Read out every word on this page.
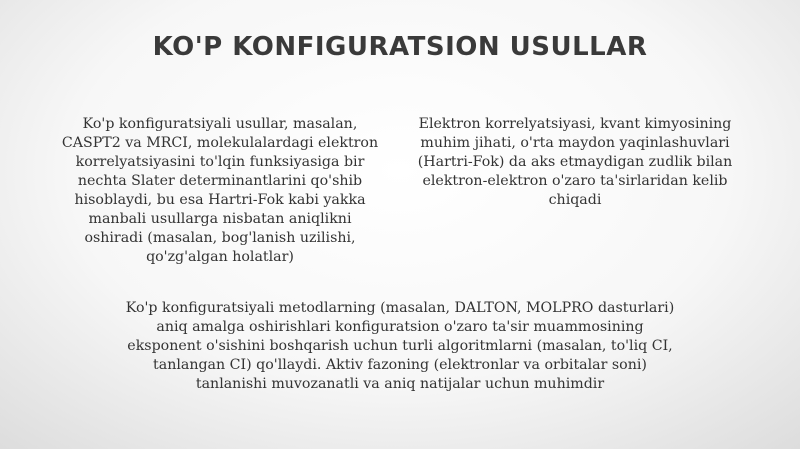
KO'P KONFIGURATSION USULLAR
Ko'p konfiguratsiyali usullar, masalan, CASPT2 va MRCI, molekulalardagi elektron korrelyatsiyasini to'lqin funksiyasiga bir nechta Slater determinantlarini qo'shib hisoblaydi, bu esa Hartri-Fok kabi yakka manbali usullarga nisbatan aniqlikni oshiradi (masalan, bog'lanish uzilishi, qo'zg'algan holatlar)
Elektron korrelyatsiyasi, kvant kimyosining muhim jihati, o'rta maydon yaqinlashuvlari (Hartri-Fok) da aks etmaydigan zudlik bilan elektron-elektron o'zaro ta'sirlaridan kelib chiqadi
Ko'p konfiguratsiyali metodlarning (masalan, DALTON, MOLPRO dasturlari) aniq amalga oshirishlari konfiguratsion o'zaro ta'sir muammosining eksponent o'sishini boshqarish uchun turli algoritmlarni (masalan, to'liq CI, tanlangan CI) qo'llaydi. Aktiv fazoning (elektronlar va orbitalar soni) tanlanishi muvozanatli va aniq natijalar uchun muhimdir
